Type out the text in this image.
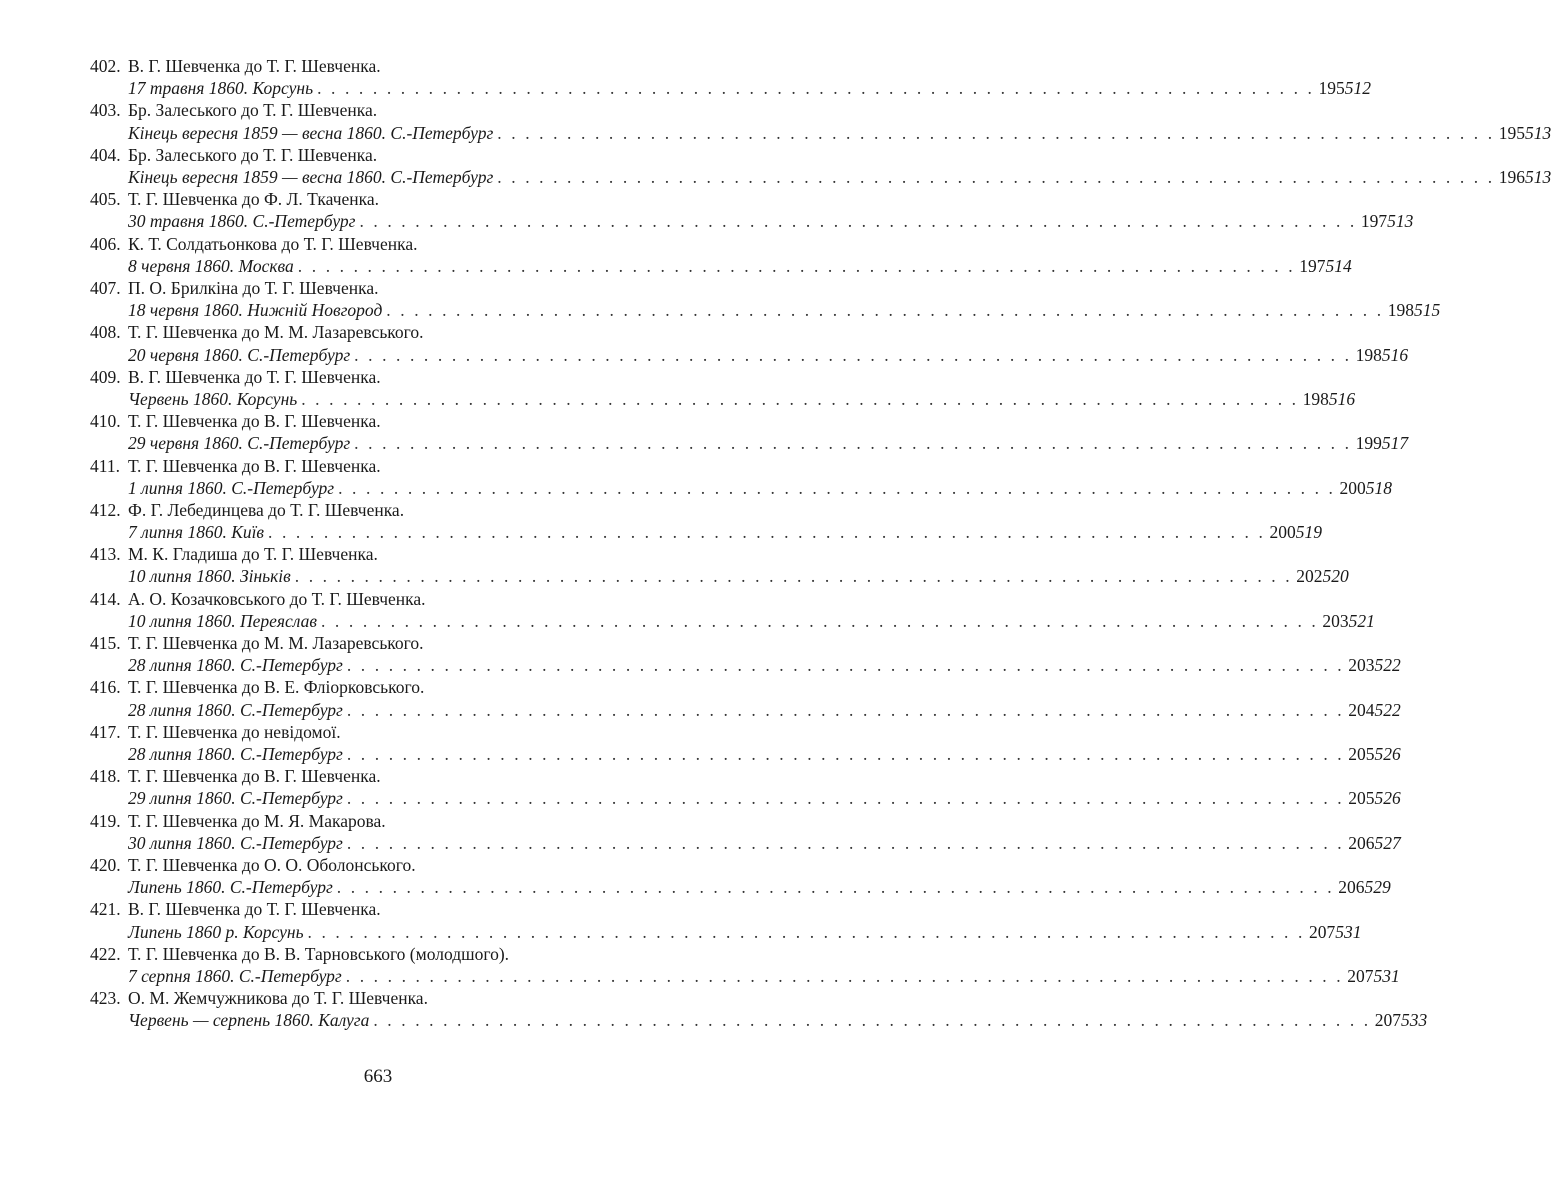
402. В. Г. Шевченка до Т. Г. Шевченка.
17 травня 1860. Корсунь . . . . . . . . . . . . . . . . . . . . . . . . . . . . . . . . . . . . . . . . . . . . . . . . . . . . . . . . . . . . . . . . . . . . . . . . 195 512
403. Бр. Залеського до Т. Г. Шевченка.
Кінець вересня 1859 — весна 1860. С.-Петербург . . . . . . . . . . . . . . . . . . . . . . . . . . . . . . . . . . . . . . . . . . . . . . . . . . . . . . . . . . . . . . . . . . . . . . . . 195 513
404. Бр. Залеського до Т. Г. Шевченка.
Кінець вересня 1859 — весна 1860. С.-Петербург . . . . . . . . . . . . . . . . . . . . . . . . . . . . . . . . . . . . . . . . . . . . . . . . . . . . . . . . . . . . . . . . . . . . . . . . 196 513
405. Т. Г. Шевченка до Ф. Л. Ткаченка.
30 травня 1860. С.-Петербург . . . . . . . . . . . . . . . . . . . . . . . . . . . . . . . . . . . . . . . . . . . . . . . . . . . . . . . . . . . . . . . . . . . . . . . . 197 513
406. К. Т. Солдатьонкова до Т. Г. Шевченка.
8 червня 1860. Москва . . . . . . . . . . . . . . . . . . . . . . . . . . . . . . . . . . . . . . . . . . . . . . . . . . . . . . . . . . . . . . . . . . . . . . . . 197 514
407. П. О. Брилкіна до Т. Г. Шевченка.
18 червня 1860. Нижній Новгород . . . . . . . . . . . . . . . . . . . . . . . . . . . . . . . . . . . . . . . . . . . . . . . . . . . . . . . . . . . . . . . . . . . . . . . . 198 515
408. Т. Г. Шевченка до М. М. Лазаревського.
20 червня 1860. С.-Петербург . . . . . . . . . . . . . . . . . . . . . . . . . . . . . . . . . . . . . . . . . . . . . . . . . . . . . . . . . . . . . . . . . . . . . . . . 198 516
409. В. Г. Шевченка до Т. Г. Шевченка.
Червень 1860. Корсунь . . . . . . . . . . . . . . . . . . . . . . . . . . . . . . . . . . . . . . . . . . . . . . . . . . . . . . . . . . . . . . . . . . . . . . . . 198 516
410. Т. Г. Шевченка до В. Г. Шевченка.
29 червня 1860. С.-Петербург . . . . . . . . . . . . . . . . . . . . . . . . . . . . . . . . . . . . . . . . . . . . . . . . . . . . . . . . . . . . . . . . . . . . . . . . 199 517
411. Т. Г. Шевченка до В. Г. Шевченка.
1 липня 1860. С.-Петербург . . . . . . . . . . . . . . . . . . . . . . . . . . . . . . . . . . . . . . . . . . . . . . . . . . . . . . . . . . . . . . . . . . . . . . . . 200 518
412. Ф. Г. Лебединцева до Т. Г. Шевченка.
7 липня 1860. Київ . . . . . . . . . . . . . . . . . . . . . . . . . . . . . . . . . . . . . . . . . . . . . . . . . . . . . . . . . . . . . . . . . . . . . . . . 200 519
413. М. К. Гладиша до Т. Г. Шевченка.
10 липня 1860. Зіньків . . . . . . . . . . . . . . . . . . . . . . . . . . . . . . . . . . . . . . . . . . . . . . . . . . . . . . . . . . . . . . . . . . . . . . . . 202 520
414. А. О. Козачковського до Т. Г. Шевченка.
10 липня 1860. Переяслав . . . . . . . . . . . . . . . . . . . . . . . . . . . . . . . . . . . . . . . . . . . . . . . . . . . . . . . . . . . . . . . . . . . . . . . . 203 521
415. Т. Г. Шевченка до М. М. Лазаревського.
28 липня 1860. С.-Петербург . . . . . . . . . . . . . . . . . . . . . . . . . . . . . . . . . . . . . . . . . . . . . . . . . . . . . . . . . . . . . . . . . . . . . . . . 203 522
416. Т. Г. Шевченка до В. Е. Фліорковського.
28 липня 1860. С.-Петербург . . . . . . . . . . . . . . . . . . . . . . . . . . . . . . . . . . . . . . . . . . . . . . . . . . . . . . . . . . . . . . . . . . . . . . . . 204 522
417. Т. Г. Шевченка до невідомої.
28 липня 1860. С.-Петербург . . . . . . . . . . . . . . . . . . . . . . . . . . . . . . . . . . . . . . . . . . . . . . . . . . . . . . . . . . . . . . . . . . . . . . . . 205 526
418. Т. Г. Шевченка до В. Г. Шевченка.
29 липня 1860. С.-Петербург . . . . . . . . . . . . . . . . . . . . . . . . . . . . . . . . . . . . . . . . . . . . . . . . . . . . . . . . . . . . . . . . . . . . . . . . 205 526
419. Т. Г. Шевченка до М. Я. Макарова.
30 липня 1860. С.-Петербург . . . . . . . . . . . . . . . . . . . . . . . . . . . . . . . . . . . . . . . . . . . . . . . . . . . . . . . . . . . . . . . . . . . . . . . . 206 527
420. Т. Г. Шевченка до О. О. Оболонського.
Липень 1860. С.-Петербург . . . . . . . . . . . . . . . . . . . . . . . . . . . . . . . . . . . . . . . . . . . . . . . . . . . . . . . . . . . . . . . . . . . . . . . . 206 529
421. В. Г. Шевченка до Т. Г. Шевченка.
Липень 1860 р. Корсунь . . . . . . . . . . . . . . . . . . . . . . . . . . . . . . . . . . . . . . . . . . . . . . . . . . . . . . . . . . . . . . . . . . . . . . . . 207 531
422. Т. Г. Шевченка до В. В. Тарновського (молодшого).
7 серпня 1860. С.-Петербург . . . . . . . . . . . . . . . . . . . . . . . . . . . . . . . . . . . . . . . . . . . . . . . . . . . . . . . . . . . . . . . . . . . . . . . . 207 531
423. О. М. Жемчужникова до Т. Г. Шевченка.
Червень — серпень 1860. Калуга . . . . . . . . . . . . . . . . . . . . . . . . . . . . . . . . . . . . . . . . . . . . . . . . . . . . . . . . . . . . . . . . . . . . . . . . 207 533
663
